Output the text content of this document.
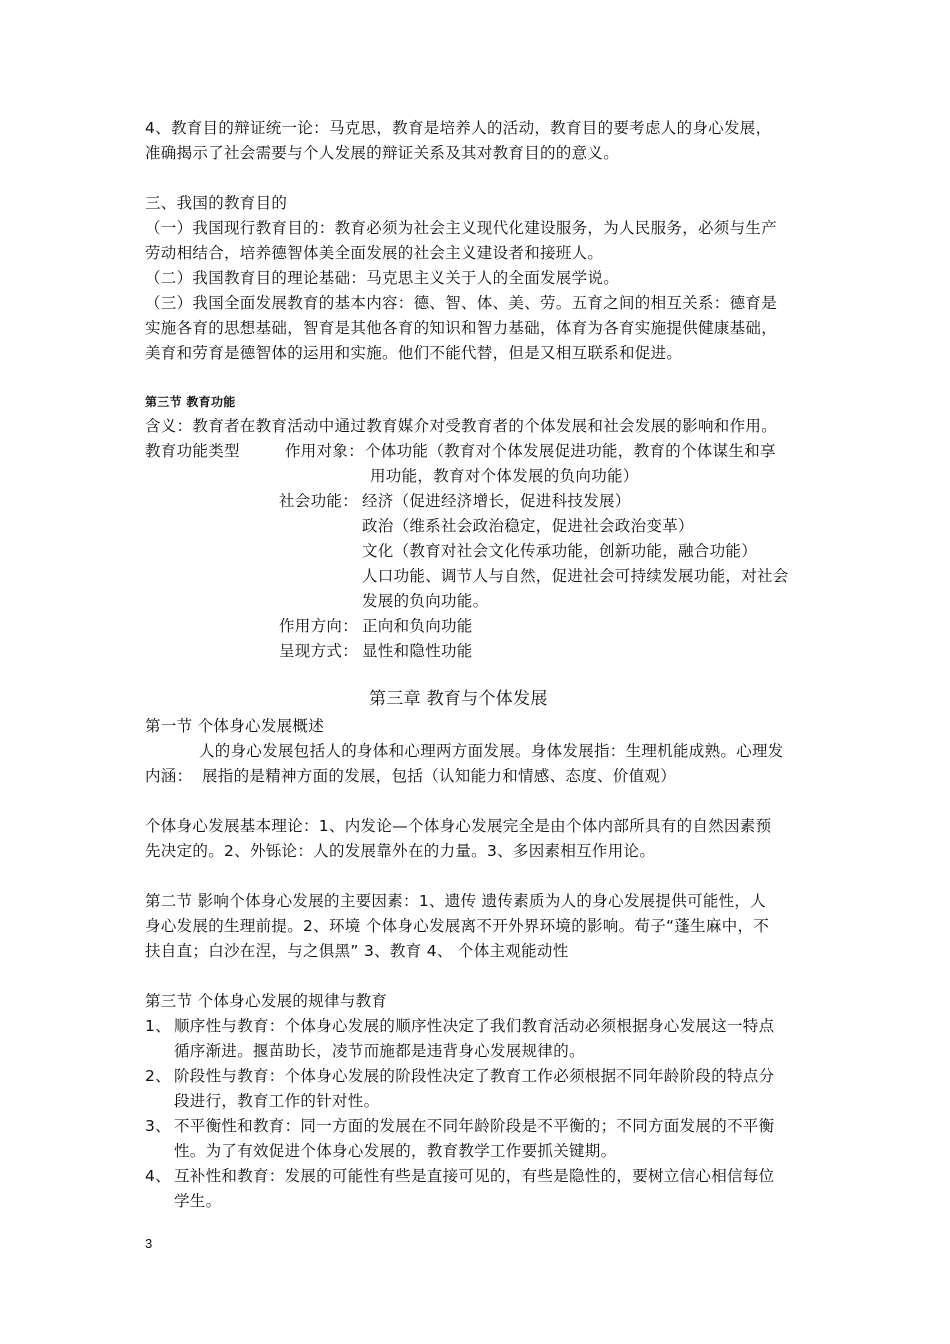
4、教育目的辩证统一论：马克思，教育是培养人的活动，教育目的要考虑人的身心发展，
准确揭示了社会需要与个人发展的辩证关系及其对教育目的的意义。
三、我国的教育目的
（一）我国现行教育目的：教育必须为社会主义现代化建设服务，为人民服务，必须与生产
劳动相结合，培养德智体美全面发展的社会主义建设者和接班人。
（二）我国教育目的理论基础：马克思主义关于人的全面发展学说。
（三）我国全面发展教育的基本内容：德、智、体、美、劳。五育之间的相互关系：德育是
实施各育的思想基础，智育是其他各育的知识和智力基础，体育为各育实施提供健康基础，
美育和劳育是德智体的运用和实施。他们不能代替，但是又相互联系和促进。
第三节 教育功能
含义：教育者在教育活动中通过教育媒介对受教育者的个体发展和社会发展的影响和作用。
教育功能类型	作用对象： 个体功能（教育对个体发展促进功能，教育的个体谋生和享
用功能，教育对个体发展的负向功能）
社会功能： 经济（促进经济增长，促进科技发展）
政治（维系社会政治稳定，促进社会政治变革）
文化（教育对社会文化传承功能，创新功能，融合功能）
人口功能、调节人与自然，促进社会可持续发展功能，对社会
发展的负向功能。
作用方向： 正向和负向功能
呈现方式： 显性和隐性功能
第三章 教育与个体发展
第一节 个体身心发展概述
人的身心发展包括人的身体和心理两方面发展。身体发展指：生理机能成熟。心理发
内涵： 展指的是精神方面的发展，包括（认知能力和情感、态度、价值观）
个体身心发展基本理论：1、内发论—个体身心发展完全是由个体内部所具有的自然因素预
先决定的。2、外铄论：人的发展靠外在的力量。3、多因素相互作用论。
第二节 影响个体身心发展的主要因素：1、遗传 遗传素质为人的身心发展提供可能性，人
身心发展的生理前提。2、环境 个体身心发展离不开外界环境的影响。荀子“蓬生麻中，不
扶自直；白沙在涅，与之俱黑” 3、教育 4、 个体主观能动性
第三节 个体身心发展的规律与教育
1、 顺序性与教育：个体身心发展的顺序性决定了我们教育活动必须根据身心发展这一特点
循序渐进。揠苗助长，凌节而施都是违背身心发展规律的。
2、 阶段性与教育：个体身心发展的阶段性决定了教育工作必须根据不同年龄阶段的特点分
段进行，教育工作的针对性。
3、 不平衡性和教育：同一方面的发展在不同年龄阶段是不平衡的；不同方面发展的不平衡
性。为了有效促进个体身心发展的，教育教学工作要抓关键期。
4、 互补性和教育：发展的可能性有些是直接可见的，有些是隐性的，要树立信心相信每位
学生。
3
